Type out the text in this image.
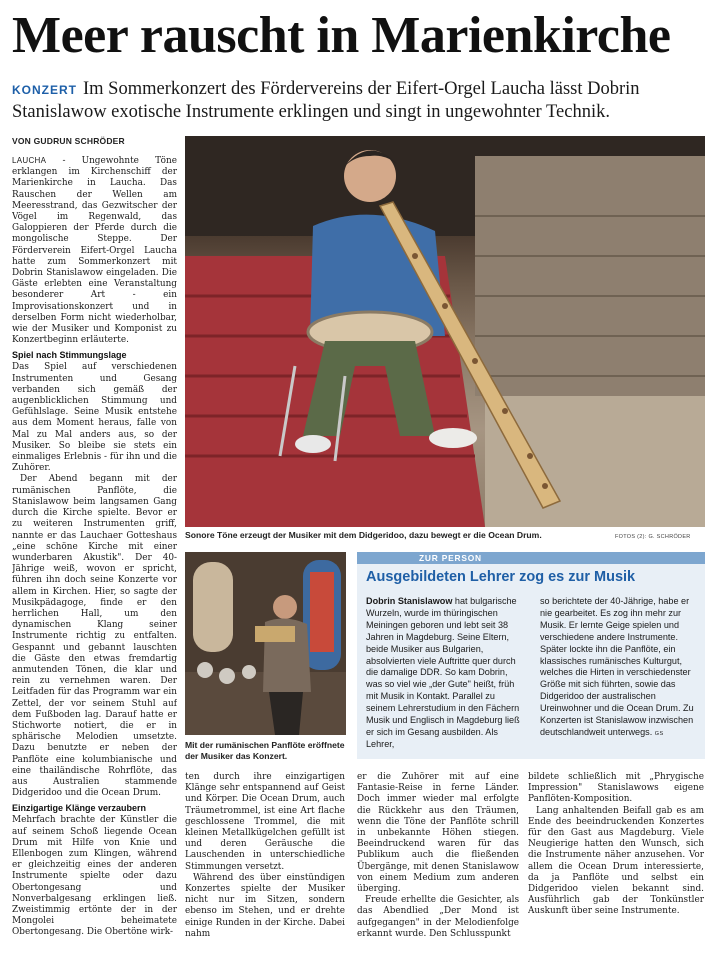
Meer rauscht in Marienkirche
KONZERT Im Sommerkonzert des Fördervereins der Eifert-Orgel Laucha lässt Dobrin Stanislawow exotische Instrumente erklingen und singt in ungewohnter Technik.
VON GUDRUN SCHRÖDER

LAUCHA - Ungewohnte Töne erklangen im Kirchenschiff der Marienkirche in Laucha. Das Rauschen der Wellen am Meeresstrand, das Gezwitscher der Vögel im Regenwald, das Galoppieren der Pferde durch die mongolische Steppe. Der Förderverein Eifert-Orgel Laucha hatte zum Sommerkonzert mit Dobrin Stanislawow eingeladen. Die Gäste erlebten eine Veranstaltung besonderer Art - ein Improvisationskonzert und in derselben Form nicht wiederholbar, wie der Musiker und Komponist zu Konzertbeginn erläuterte.

Spiel nach Stimmungslage

Das Spiel auf verschiedenen Instrumenten und Gesang verbanden sich gemäß der augenblicklichen Stimmung und Gefühlslage. Seine Musik entstehe aus dem Moment heraus, falle von Mal zu Mal anders aus, so der Musiker. So bleibe sie stets ein einmaliges Erlebnis - für ihn und die Zuhörer.

Der Abend begann mit der rumänischen Panflöte, die Stanislawow beim langsamen Gang durch die Kirche spielte. Bevor er zu weiteren Instrumenten griff, nannte er das Lauchaer Gotteshaus „eine schöne Kirche mit einer wunderbaren Akustik". Der 40-Jährige weiß, wovon er spricht, führen ihn doch seine Konzerte vor allem in Kirchen. Hier, so sagte der Musikpädagoge, finde er den herrlichen Hall, um den dynamischen Klang seiner Instrumente richtig zu entfalten. Gespannt und gebannt lauschten die Gäste den etwas fremdartig anmutenden Tönen, die klar und rein zu vernehmen waren. Der Leitfaden für das Programm war ein Zettel, der vor seinem Stuhl auf dem Fußboden lag. Darauf hatte er Stichworte notiert, die er in sphärische Melodien umsetzte. Dazu benutzte er neben der Panflöte eine kolumbianische und eine thailändische Rohrflöte, das aus Australien stammende Didgeridoo und die Ocean Drum.

Einzigartige Klänge verzaubern

Mehrfach brachte der Künstler die auf seinem Schoß liegende Ocean Drum mit Hilfe von Knie und Ellenbogen zum Klingen, während er gleichzeitig eines der anderen Instrumente spielte oder dazu Obertongesang und Nonverbalgesang erklingen ließ. Zweistimmig ertönte der in der Mongolei beheimatete Obertongesang. Die Obertöne wirk-

Sonore Töne erzeugt der Musiker mit dem Didgeridoo, dazu bewegt er die Ocean Drum.	FOTOS (2): G. SCHRÖDER
Mit der rumänischen Panflöte eröffnete der Musiker das Konzert.
ZUR PERSON
Ausgebildeten Lehrer zog es zur Musik
Dobrin Stanislawow hat bulgarische Wurzeln, wurde im thüringischen Meiningen geboren und lebt seit 38 Jahren in Magdeburg. Seine Eltern, beide Musiker aus Bulgarien, absolvierten viele Auftritte quer durch die damalige DDR. So kam Dobrin, was so viel wie „der Gute" heißt, früh mit Musik in Kontakt. Parallel zu seinem Lehrerstudium in den Fächern Musik und Englisch in Magdeburg ließ er sich im Gesang ausbilden. Als Lehrer,
so berichtete der 40-Jährige, habe er nie gearbeitet. Es zog ihn mehr zur Musik. Er lernte Geige spielen und verschiedene andere Instrumente. Später lockte ihn die Panflöte, ein klassisches rumänisches Kulturgut, welches die Hirten in verschiedenster Größe mit sich führten, sowie das Didgeridoo der australischen Ureinwohner und die Ocean Drum. Zu Konzerten ist Stanislawow inzwischen deutschlandweit unterwegs. GS

ten durch ihre einzigartigen Klänge sehr entspannend auf Geist und Körper. Die Ocean Drum, auch Träumetrommel, ist eine Art flache geschlossene Trommel, die mit kleinen Metallkügelchen gefüllt ist und deren Geräusche die Lauschenden in unterschiedliche Stimmungen versetzt.

Während des über einstündigen Konzertes spielte der Musiker nicht nur im Sitzen, sondern ebenso im Stehen, und er drehte einige Runden in der Kirche. Dabei nahm

er die Zuhörer mit auf eine Fantasie-Reise in ferne Länder. Doch immer wieder mal erfolgte die Rückkehr aus den Träumen, wenn die Töne der Panflöte schrill in unbekannte Höhen stiegen. Beeindruckend waren für das Publikum auch die fließenden Übergänge, mit denen Stanislawow von einem Medium zum anderen überging.

Freude erhellte die Gesichter, als das Abendlied „Der Mond ist aufgegangen" in der Melodienfolge erkannt wurde. Den Schlusspunkt

bildete schließlich mit „Phrygische Impression" Stanislawows eigene Panflöten-Komposition.

Lang anhaltenden Beifall gab es am Ende des beeindruckenden Konzertes für den Gast aus Magdeburg. Viele Neugierige hatten den Wunsch, sich die Instrumente näher anzusehen. Vor allem die Ocean Drum interessierte, da ja Panflöte und selbst ein Didgeridoo vielen bekannt sind. Ausführlich gab der Tonkünstler Auskunft über seine Instrumente.
